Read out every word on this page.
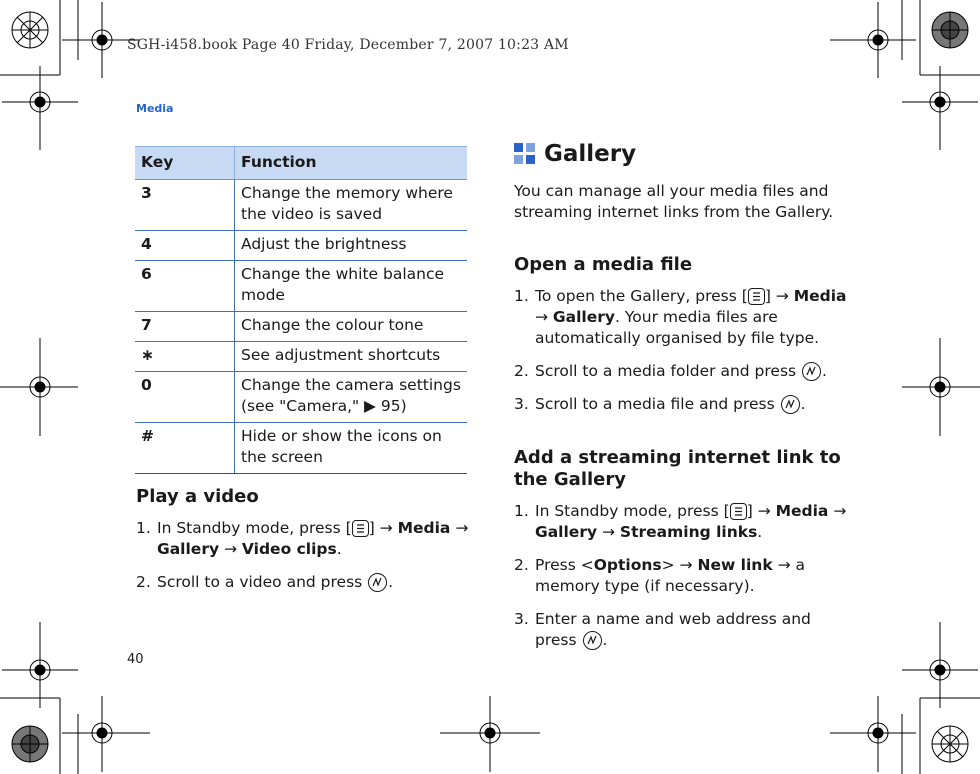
SGH-i458.book Page 40 Friday, December 7, 2007 10:23 AM
Media
Key	Function
3	Change the memory where the video is saved
4	Adjust the brightness
6	Change the white balance mode
7	Change the colour tone
∗	See adjustment shortcuts
0	Change the camera settings (see "Camera," ▶ 95)
#	Hide or show the icons on the screen
Play a video
1. In Standby mode, press [ ] → Media → Gallery → Video clips.
2. Scroll to a video and press .
Gallery
You can manage all your media files and streaming internet links from the Gallery.
Open a media file
1. To open the Gallery, press [ ] → Media → Gallery. Your media files are automatically organised by file type.
2. Scroll to a media folder and press .
3. Scroll to a media file and press .
Add a streaming internet link to the Gallery
1. In Standby mode, press [ ] → Media → Gallery → Streaming links.
2. Press <Options> → New link → a memory type (if necessary).
3. Enter a name and web address and press .
40
